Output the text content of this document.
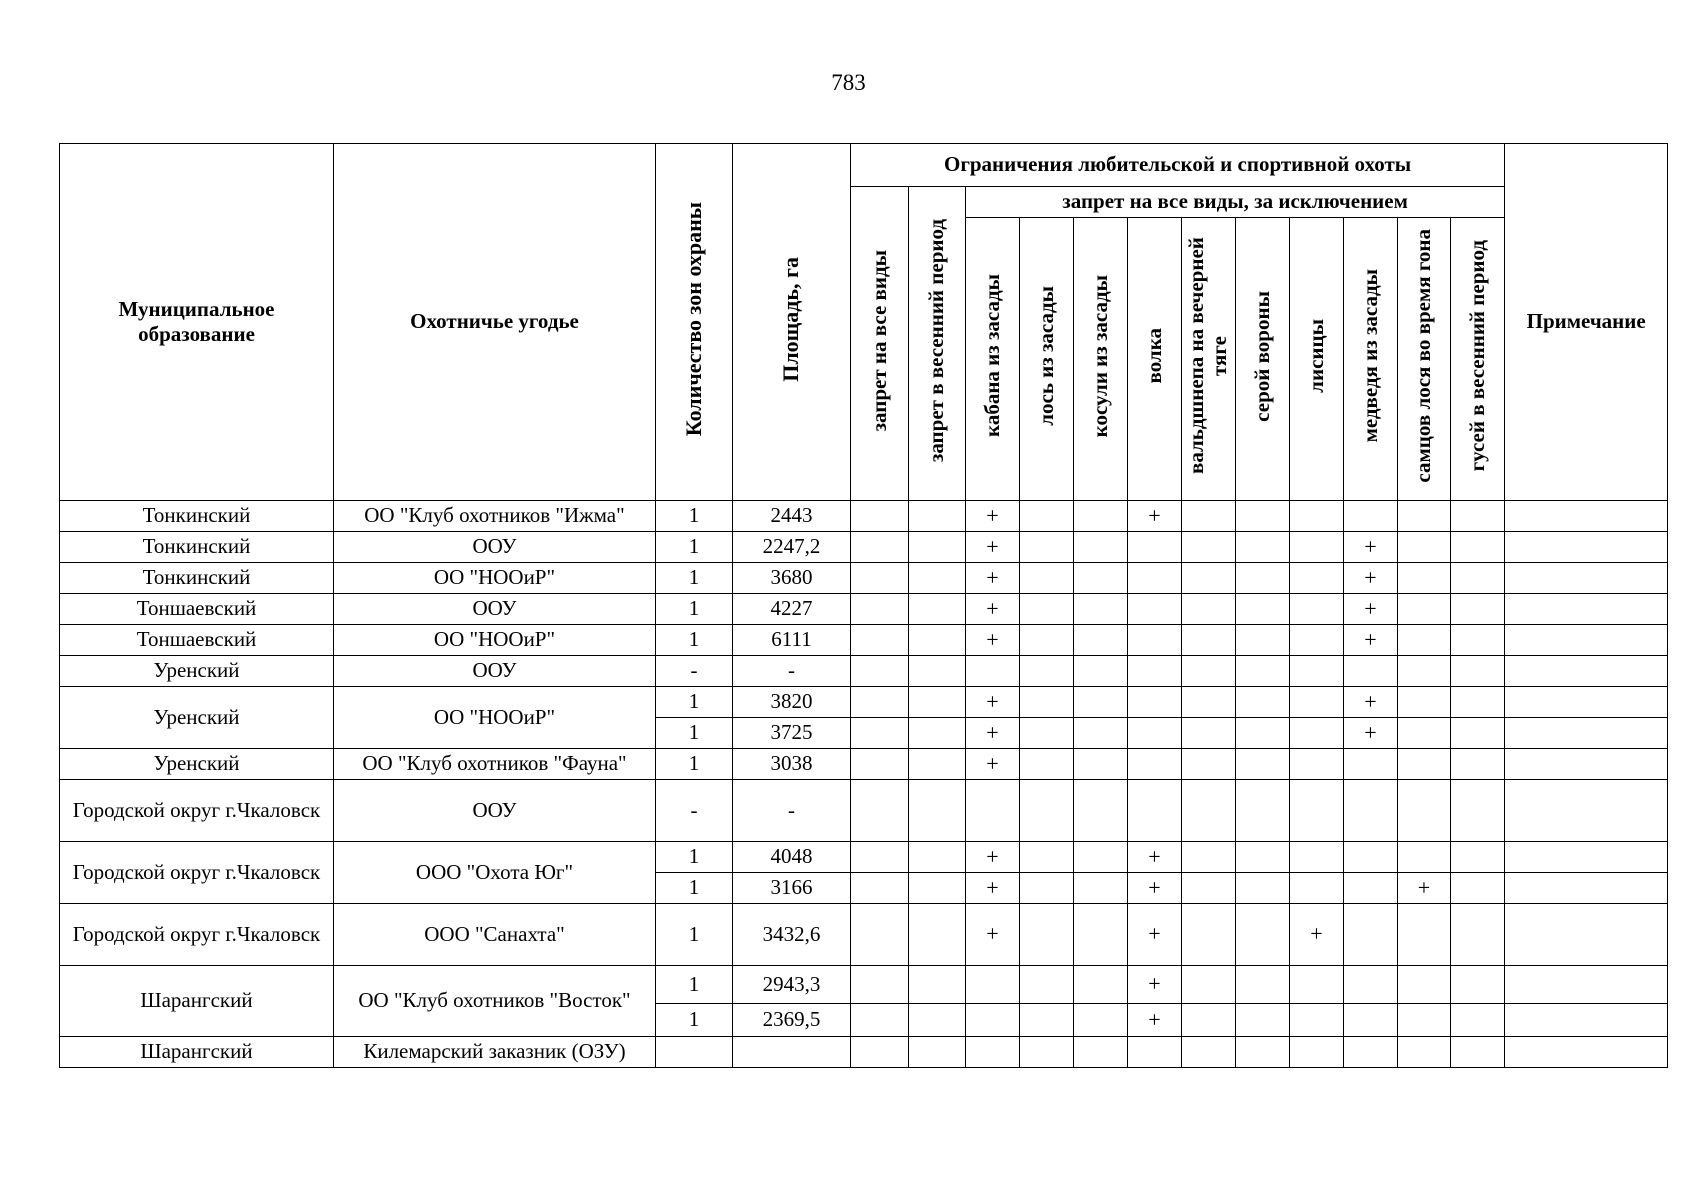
783
Муниципальное образование	Охотничье угодье	Количество зон охраны	Площадь, га	Ограничения любительской и спортивной охоты												Примечание
				запрет на все виды	запрет в весенний период	запрет на все виды, за исключением										
						кабана из засады	лось из засады	косули из засады	волка	вальдшнепа на вечерней тяге	серой вороны	лисицы	медведя из засады	самцов лося во время гона	гусей в весенний период	
Тонкинский	ОО "Клуб охотников "Ижма"	1	2443			+			+							
Тонкинский	ООУ	1	2247,2			+							+			
Тонкинский	ОО "НООиР"	1	3680			+							+			
Тоншаевский	ООУ	1	4227			+							+			
Тоншаевский	ОО "НООиР"	1	6111			+							+			
Уренский	ООУ	-	-													
Уренский	ОО "НООиР"	1	3820			+							+			
		1	3725			+							+			
Уренский	ОО "Клуб охотников "Фауна"	1	3038			+										
Городской округ г.Чкаловск	ООУ	-	-													
Городской округ г.Чкаловск	ООО "Охота Юг"	1	4048			+			+							
		1	3166			+			+					+		
Городской округ г.Чкаловск	ООО "Санахта"	1	3432,6			+			+			+				
Шарангский	ОО "Клуб охотников "Восток"	1	2943,3						+							
		1	2369,5						+							
Шарангский	Килемарский заказник (ОЗУ)															
